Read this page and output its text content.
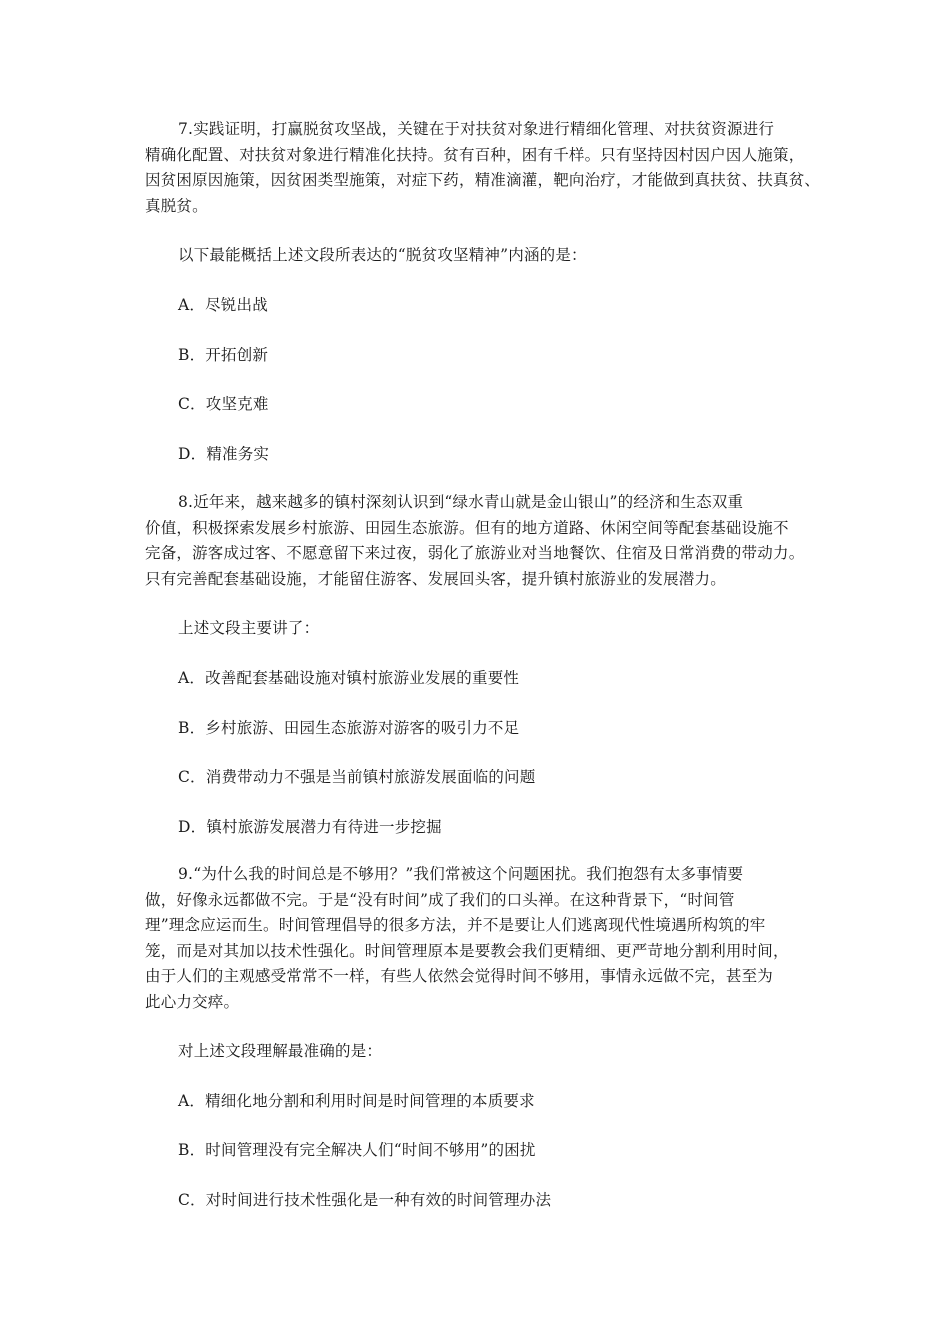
7.实践证明，打赢脱贫攻坚战，关键在于对扶贫对象进行精细化管理、对扶贫资源进行
精确化配置、对扶贫对象进行精准化扶持。贫有百种，困有千样。只有坚持因村因户因人施策，
因贫困原因施策，因贫困类型施策，对症下药，精准滴灌，靶向治疗，才能做到真扶贫、扶真贫、
真脱贫。
以下最能概括上述文段所表达的“脱贫攻坚精神”内涵的是：
A．尽锐出战
B．开拓创新
C．攻坚克难
D．精准务实
8.近年来，越来越多的镇村深刻认识到“绿水青山就是金山银山”的经济和生态双重
价值，积极探索发展乡村旅游、田园生态旅游。但有的地方道路、休闲空间等配套基础设施不
完备，游客成过客、不愿意留下来过夜，弱化了旅游业对当地餐饮、住宿及日常消费的带动力。
只有完善配套基础设施，才能留住游客、发展回头客，提升镇村旅游业的发展潜力。
上述文段主要讲了：
A．改善配套基础设施对镇村旅游业发展的重要性
B．乡村旅游、田园生态旅游对游客的吸引力不足
C．消费带动力不强是当前镇村旅游发展面临的问题
D．镇村旅游发展潜力有待进一步挖掘
9.“为什么我的时间总是不够用？”我们常被这个问题困扰。我们抱怨有太多事情要
做，好像永远都做不完。于是“没有时间”成了我们的口头禅。在这种背景下，“时间管
理”理念应运而生。时间管理倡导的很多方法，并不是要让人们逃离现代性境遇所构筑的牢
笼，而是对其加以技术性强化。时间管理原本是要教会我们更精细、更严苛地分割利用时间，
由于人们的主观感受常常不一样，有些人依然会觉得时间不够用，事情永远做不完，甚至为
此心力交瘁。
对上述文段理解最准确的是：
A．精细化地分割和利用时间是时间管理的本质要求
B．时间管理没有完全解决人们“时间不够用”的困扰
C．对时间进行技术性强化是一种有效的时间管理办法
